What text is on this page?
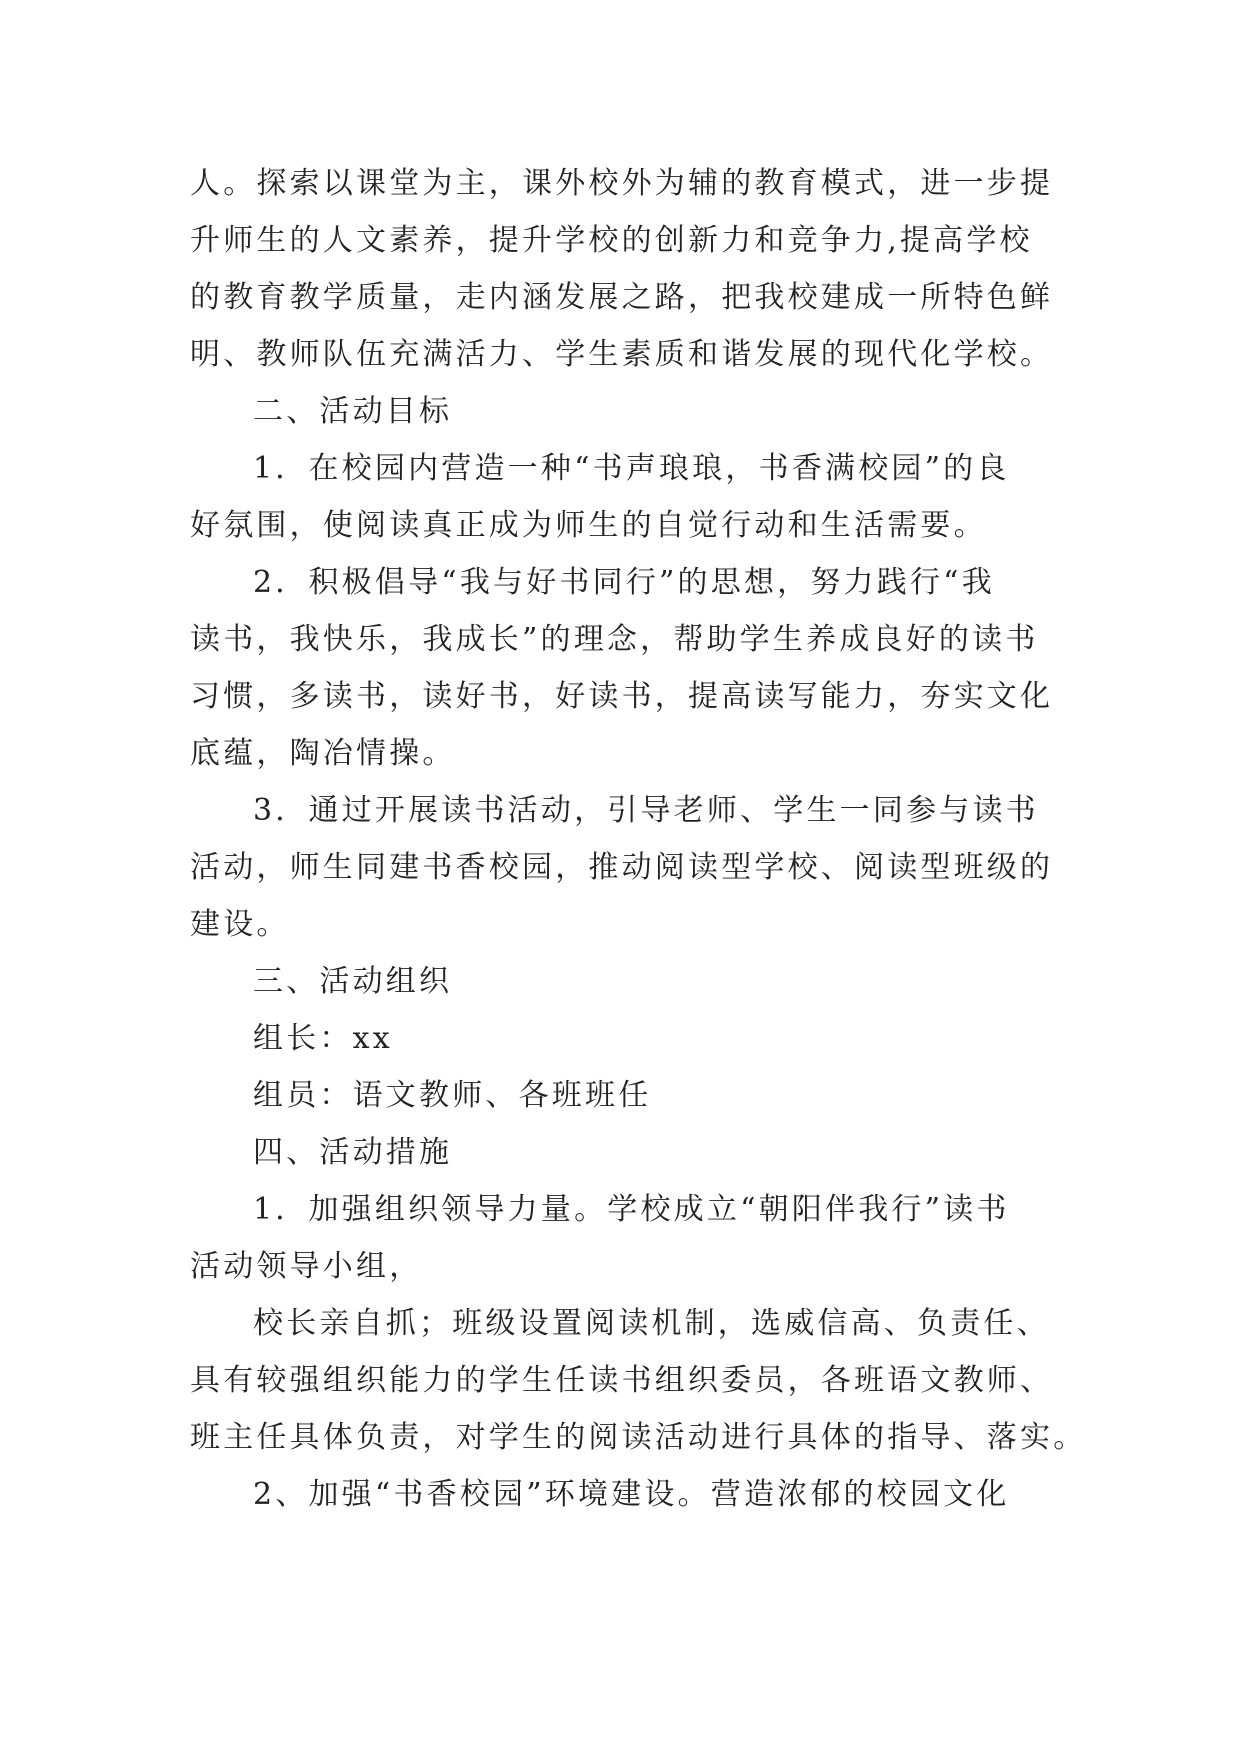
人。探索以课堂为主，课外校外为辅的教育模式，进一步提
升师生的人文素养，提升学校的创新力和竞争力,提高学校
的教育教学质量，走内涵发展之路，把我校建成一所特色鲜
明、教师队伍充满活力、学生素质和谐发展的现代化学校。
二、活动目标
1．在校园内营造一种“书声琅琅，书香满校园”的良
好氛围，使阅读真正成为师生的自觉行动和生活需要。
2．积极倡导“我与好书同行”的思想，努力践行“我
读书，我快乐，我成长”的理念，帮助学生养成良好的读书
习惯，多读书，读好书，好读书，提高读写能力，夯实文化
底蕴，陶冶情操。
3．通过开展读书活动，引导老师、学生一同参与读书
活动，师生同建书香校园，推动阅读型学校、阅读型班级的
建设。
三、活动组织
组长：xx
组员：语文教师、各班班任
四、活动措施
1．加强组织领导力量。学校成立“朝阳伴我行”读书
活动领导小组，
校长亲自抓；班级设置阅读机制，选威信高、负责任、
具有较强组织能力的学生任读书组织委员，各班语文教师、
班主任具体负责，对学生的阅读活动进行具体的指导、落实。
2、加强“书香校园”环境建设。营造浓郁的校园文化
